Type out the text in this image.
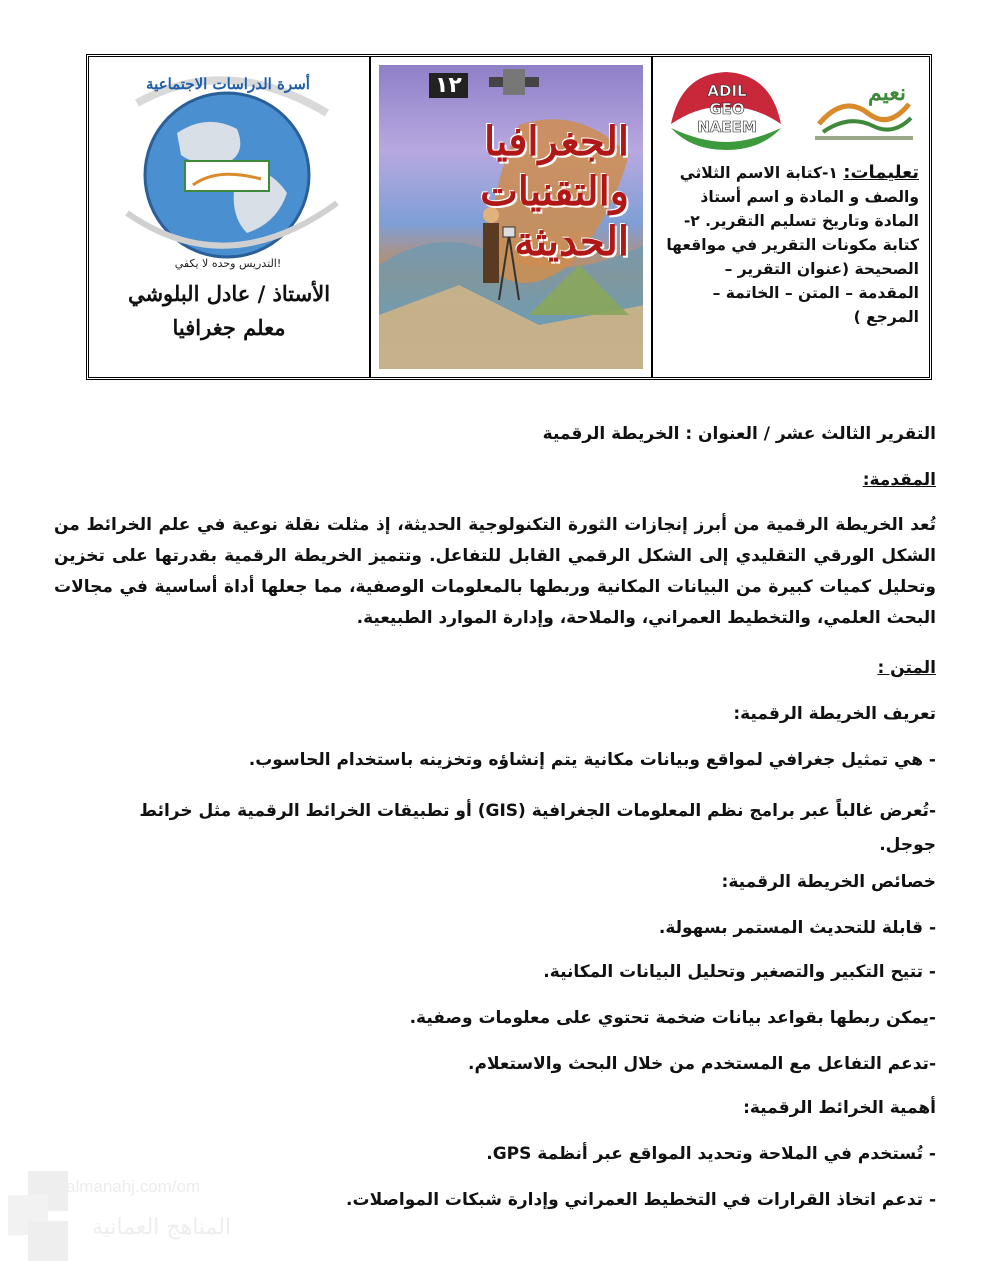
نعيم
ADIL
GEO
NAEEM
تعليمات: ١-كتابة الاسم الثلاثي والصف و المادة و اسم أستاذ المادة وتاريخ تسليم التقرير. ٢- كتابة مكونات التقرير في مواقعها الصحيحة (عنوان التقرير – المقدمة – المتن – الخاتمة – المرجع )
١٢
الجغرافيا
والتقنيات
الحديثة
أسرة الدراسات الاجتماعية
التدريس وحده لا يكفي!
الأستاذ / عادل البلوشي
معلم جغرافيا
التقرير الثالث عشر / العنوان : الخريطة الرقمية
المقدمة:
تُعد الخريطة الرقمية من أبرز إنجازات الثورة التكنولوجية الحديثة، إذ مثلت نقلة نوعية في علم الخرائط من الشكل الورقي التقليدي إلى الشكل الرقمي القابل للتفاعل. وتتميز الخريطة الرقمية بقدرتها على تخزين وتحليل كميات كبيرة من البيانات المكانية وربطها بالمعلومات الوصفية، مما جعلها أداة أساسية في مجالات البحث العلمي، والتخطيط العمراني، والملاحة، وإدارة الموارد الطبيعية.
المتن :
تعريف الخريطة الرقمية:
- هي تمثيل جغرافي لمواقع وبيانات مكانية يتم إنشاؤه وتخزينه باستخدام الحاسوب.
-تُعرض غالباً عبر برامج نظم المعلومات الجغرافية (GIS) أو تطبيقات الخرائط الرقمية مثل خرائط جوجل.
خصائص الخريطة الرقمية:
- قابلة للتحديث المستمر بسهولة.
- تتيح التكبير والتصغير وتحليل البيانات المكانية.
-يمكن ربطها بقواعد بيانات ضخمة تحتوي على معلومات وصفية.
-تدعم التفاعل مع المستخدم من خلال البحث والاستعلام.
أهمية الخرائط الرقمية:
- تُستخدم في الملاحة وتحديد المواقع عبر أنظمة GPS.
- تدعم اتخاذ القرارات في التخطيط العمراني وإدارة شبكات المواصلات.
almanahj.com/om
المناهج العمانية
